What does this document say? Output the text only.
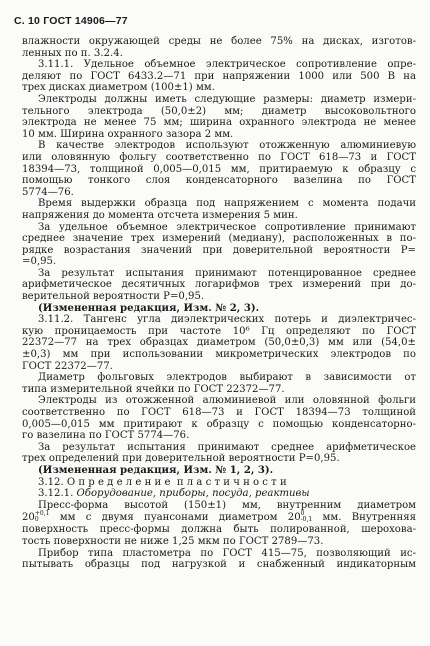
С. 10 ГОСТ 14906—77
влажности окружающей среды не более 75% на дисках, изготов-
ленных по п. 3.2.4.
3.11.1. Удельное объемное электрическое сопротивление опре-
деляют по ГОСТ 6433.2—71 при напряжении 1000 или 500 В на
трех дисках диаметром (100±1) мм.
Электроды должны иметь следующие размеры: диаметр измери-
тельного электрода (50,0±2) мм; диаметр высоковольтного
электрода не менее 75 мм; ширина охранного электрода не менее
10 мм. Ширина охранного зазора 2 мм.
В качестве электродов используют отожженную алюминиевую
или оловянную фольгу соответственно по ГОСТ 618—73 и ГОСТ
18394—73, толщиной 0,005—0,015 мм, притираемую к образцу с
помощью тонкого слоя конденсаторного вазелина по ГОСТ
5774—76.
Время выдержки образца под напряжением с момента подачи
напряжения до момента отсчета измерения 5 мин.
За удельное объемное электрическое сопротивление принимают
среднее значение трех измерений (медиану), расположенных в по-
рядке возрастания значений при доверительной вероятности P=
=0,95.
За результат испытания принимают потенцированное среднее
арифметическое десятичных логарифмов трех измерений при до-
верительной вероятности P=0,95.
(Измененная редакция, Изм. № 2, 3).
3.11.2. Тангенс угла диэлектрических потерь и диэлектричес-
кую проницаемость при частоте 10⁶ Гц определяют по ГОСТ
22372—77 на трех образцах диаметром (50,0±0,3) мм или (54,0±
±0,3) мм при использовании микрометрических электродов по
ГОСТ 22372—77.
Диаметр фольговых электродов выбирают в зависимости от
типа измерительной ячейки по ГОСТ 22372—77.
Электроды из отожженной алюминиевой или оловянной фольги
соответственно по ГОСТ 618—73 и ГОСТ 18394—73 толщиной
0,005—0,015 мм притирают к образцу с помощью конденсаторно-
го вазелина по ГОСТ 5774—76.
За результат испытания принимают среднее арифметическое
трех определений при доверительной вероятности P=0,95.
(Измененная редакция, Изм. № 1, 2, 3).
3.12. О п р е д е л е н и е  п л а с т и ч н о с т и
3.12.1. Оборудование, приборы, посуда, реактивы
Пресс-форма высотой (150±1) мм, внутренним диаметром
20 +0,1
0	мм с двумя пуансонами диаметром 20 0
-0,1 мм. Внутренняя
поверхность пресс-формы должна быть полированной, шерохова-
тость поверхности не ниже 1,25 мкм по ГОСТ 2789—73.
Прибор типа пластометра по ГОСТ 415—75, позволяющий ис-
пытывать образцы под нагрузкой и снабженный индикаторным
